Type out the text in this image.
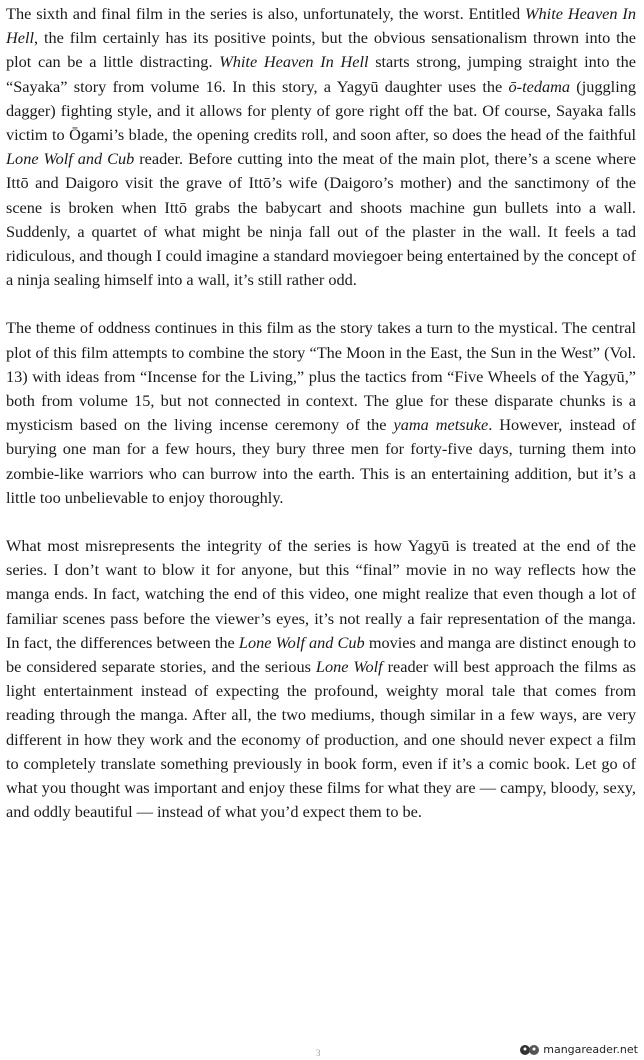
The sixth and final film in the series is also, unfortunately, the worst. Entitled White Heaven In Hell, the film certainly has its positive points, but the obvious sensationalism thrown into the plot can be a little distracting. White Heaven In Hell starts strong, jumping straight into the “Sayaka” story from volume 16. In this story, a Yagyū daughter uses the ō-tedama (juggling dagger) fighting style, and it allows for plenty of gore right off the bat. Of course, Sayaka falls victim to Ōgami’s blade, the opening credits roll, and soon after, so does the head of the faithful Lone Wolf and Cub reader. Before cutting into the meat of the main plot, there’s a scene where Ittō and Daigoro visit the grave of Ittō’s wife (Daigoro’s mother) and the sanctimony of the scene is broken when Ittō grabs the babycart and shoots machine gun bullets into a wall. Suddenly, a quartet of what might be ninja fall out of the plaster in the wall. It feels a tad ridiculous, and though I could imagine a standard moviegoer being entertained by the concept of a ninja sealing himself into a wall, it’s still rather odd.

The theme of oddness continues in this film as the story takes a turn to the mystical. The central plot of this film attempts to combine the story “The Moon in the East, the Sun in the West” (Vol. 13) with ideas from “Incense for the Living,” plus the tactics from “Five Wheels of the Yagyū,” both from volume 15, but not connected in context. The glue for these disparate chunks is a mysticism based on the living incense ceremony of the yama metsuke. However, instead of burying one man for a few hours, they bury three men for forty-five days, turning them into zombie-like warriors who can burrow into the earth. This is an entertaining addition, but it’s a little too unbelievable to enjoy thoroughly.

What most misrepresents the integrity of the series is how Yagyū is treated at the end of the series. I don’t want to blow it for anyone, but this “final” movie in no way reflects how the manga ends. In fact, watching the end of this video, one might realize that even though a lot of familiar scenes pass before the viewer’s eyes, it’s not really a fair representation of the manga. In fact, the differences between the Lone Wolf and Cub movies and manga are distinct enough to be considered separate stories, and the serious Lone Wolf reader will best approach the films as light entertainment instead of expecting the profound, weighty moral tale that comes from reading through the manga. After all, the two mediums, though similar in a few ways, are very different in how they work and the economy of production, and one should never expect a film to completely translate something previously in book form, even if it’s a comic book. Let go of what you thought was important and enjoy these films for what they are — campy, bloody, sexy, and oddly beautiful — instead of what you’d expect them to be.

3	mangareader.net
